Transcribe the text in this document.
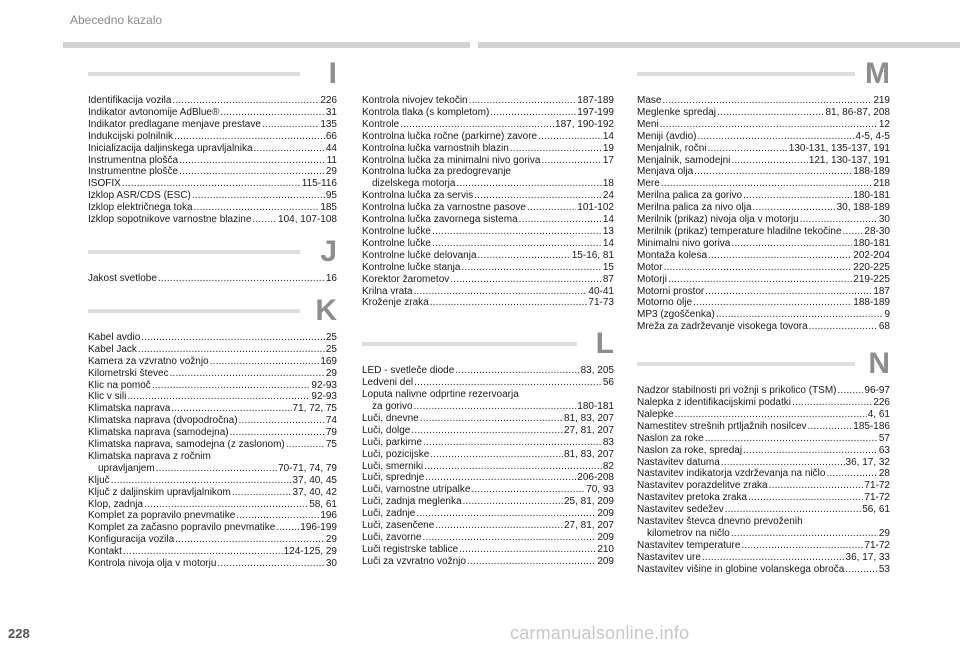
Abecedno kazalo
I
Identifikacija vozila .....	226
Indikator avtonomije AdBlue® .....	31
Indikator predlagane menjave prestave .....	135
Indukcijski polnilnik .....	66
Inicializacija daljinskega upravljalnika .....	44
Instrumentna plošča .....	11
Instrumentne plošče .....	29
ISOFIX .....	115-116
Izklop ASR/CDS (ESC) .....	95
Izklop električnega toka .....	185
Izklop sopotnikove varnostne blazine .....	104, 107-108
J
Jakost svetlobe .....	16
K
Kabel avdio .....	25
Kabel Jack .....	25
Kamera za vzvratno vožnjo .....	169
Kilometrski števec .....	29
Klic na pomoč .....	92-93
Klic v sili .....	92-93
Klimatska naprava .....	71, 72, 75
Klimatska naprava (dvopodročna) .....	74
Klimatska naprava (samodejna) .....	79
Klimatska naprava, samodejna (z zaslonom) .....	75
Klimatska naprava z ročnim
upravljanjem .....	70-71, 74, 79
Ključ .....	37, 40, 45
Ključ z daljinskim upravljalnikom .....	37, 40, 42
Klop, zadnja .....	58, 61
Komplet za popravilo pnevmatike .....	196
Komplet za začasno popravilo pnevmatike ..... 196-199
Konfiguracija vozila .....	29
Kontakt .....	124-125, 29
Kontrola nivoja olja v motorju .....	30
Kontrola nivojev tekočin .....	187-189
Kontrola tlaka (s kompletom) .....	197-199
Kontrole .....	187, 190-192
Kontrolna lučka ročne (parkirne) zavore .....	14
Kontrolna lučka varnostnih blazin .....	19
Kontrolna lučka za minimalni nivo goriva .....	17
Kontrolna lučka za predogrevanje
dizelskega motorja .....	18
Kontrolna lučka za servis .....	24
Kontrolna lučka za varnostne pasove .....	101-102
Kontrolna lučka zavornega sistema .....	14
Kontrolne lučke .....	13
Kontrolne lučke .....	14
Kontrolne lučke delovanja .....	15-16, 81
Kontrolne lučke stanja .....	15
Korektor žarometov .....	87
Krilna vrata .....	40-41
Kroženje zraka .....	71-73
L
LED - svetleče diode .....	83, 205
Ledveni del .....	56
Loputa nalivne odprtine rezervoarja
za gorivo .....	180-181
Luči, dnevne .....	81, 83, 207
Luči, dolge .....	27, 81, 207
Luči, parkirne .....	83
Luči, pozicijske .....	81, 83, 207
Luči, smerniki .....	82
Luči, sprednje .....	206-208
Luči, varnostne utripalke .....	70, 93
Luči, zadnja meglenka .....	25, 81, 209
Luči, zadnje .....	209
Luči, zasenčene .....	27, 81, 207
Luči, zavorne .....	209
Luči registrske tablice .....	210
Luči za vzvratno vožnjo .....	209
M
Mase .....	219
Meglenke spredaj .....	81, 86-87, 208
Meni .....	12
Meniji (avdio) .....	4-5, 4-5
Menjalnik, ročni .....	130-131, 135-137, 191
Menjalnik, samodejni .....	121, 130-137, 191
Menjava olja .....	188-189
Mere .....	218
Merilna palica za gorivo .....	180-181
Merilna palica za nivo olja .....	30, 188-189
Merilnik (prikaz) nivoja olja v motorju .....	30
Merilnik (prikaz) temperature hladilne tekočine ..... 28-30
Minimalni nivo goriva .....	180-181
Montaža kolesa .....	202-204
Motor .....	220-225
Motorji .....	219-225
Motorni prostor .....	187
Motorno olje .....	188-189
MP3 (zgoščenka) .....	9
Mreža za zadrževanje visokega tovora .....	68
N
Nadzor stabilnosti pri vožnji s prikolico (TSM) .....	96-97
Nalepka z identifikacijskimi podatki .....	226
Nalepke .....	4, 61
Namestitev strešnih prtljažnih nosilcev .....	185-186
Naslon za roke .....	57
Naslon za roke, spredaj .....	63
Nastavitev datuma .....	36, 17, 32
Nastavitev indikatorja vzdrževanja na ničlo .....	28
Nastavitev porazdelitve zraka .....	71-72
Nastavitev pretoka zraka .....	71-72
Nastavitev sedežev .....	56, 61
Nastavitev števca dnevno prevoženih
kilometrov na ničlo .....	29
Nastavitev temperature .....	71-72
Nastavitev ure .....	36, 17, 33
Nastavitev višine in globine volanskega obroča .....	53
228	carmanualsonline.info
